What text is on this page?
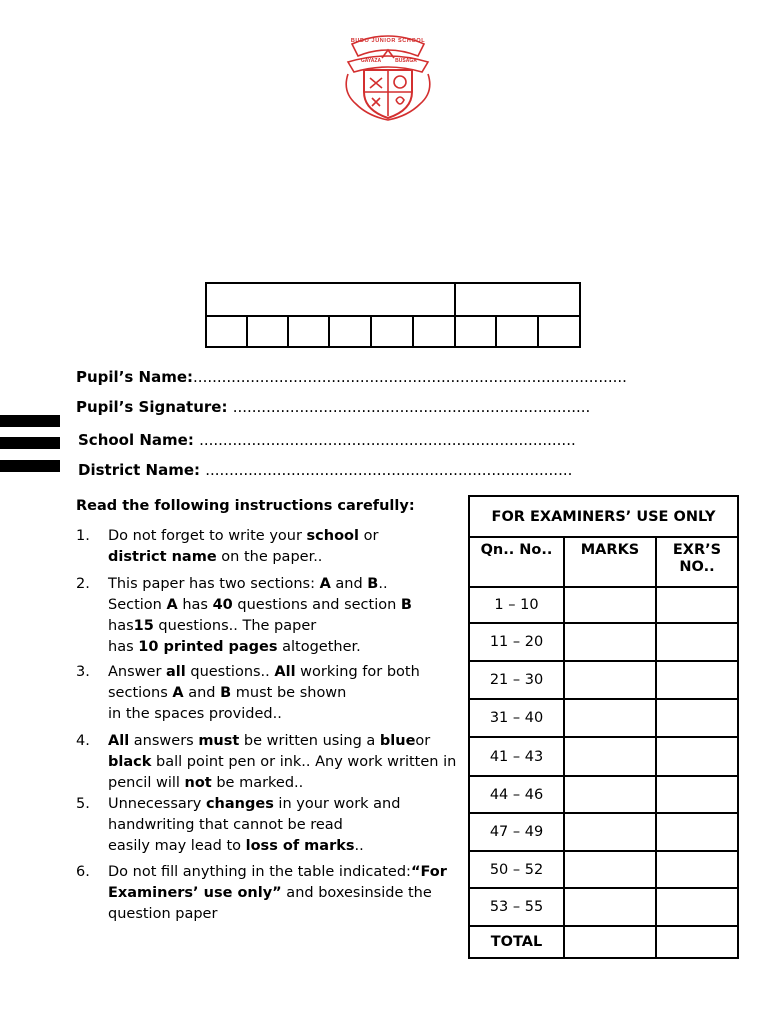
BUDO JUNIOR SCHOOL
GAYAZA	BUSAGA

Pupil’s Name:...........................................................................................
Pupil’s Signature: ...........................................................................
School Name: ...............................................................................
District Name: .............................................................................
Read the following instructions carefully:
1.	Do not forget to write your school or
district name on the paper..
2.	This paper has two sections: A and B..
Section A has 40 questions and section B
has15 questions.. The paper
has 10 printed pages altogether.
3.	Answer all questions.. All working for both
sections A and B must be shown
in the spaces provided..
4.	All answers must be written using a blueor
black ball point pen or ink.. Any work written in
pencil will not be marked..
5.	Unnecessary changes in your work and
handwriting that cannot be read
easily may lead to loss of marks..
6.	Do not fill anything in the table indicated:“For
Examiners’ use only” and boxesinside the
question paper
FOR EXAMINERS’ USE ONLY		
Qn.. No..	MARKS	EXR’S
NO..
1 – 10		
11 – 20		
21 – 30		
31 – 40		
41 – 43		
44 – 46		
47 – 49		
50 – 52		
53 – 55		
TOTAL		
